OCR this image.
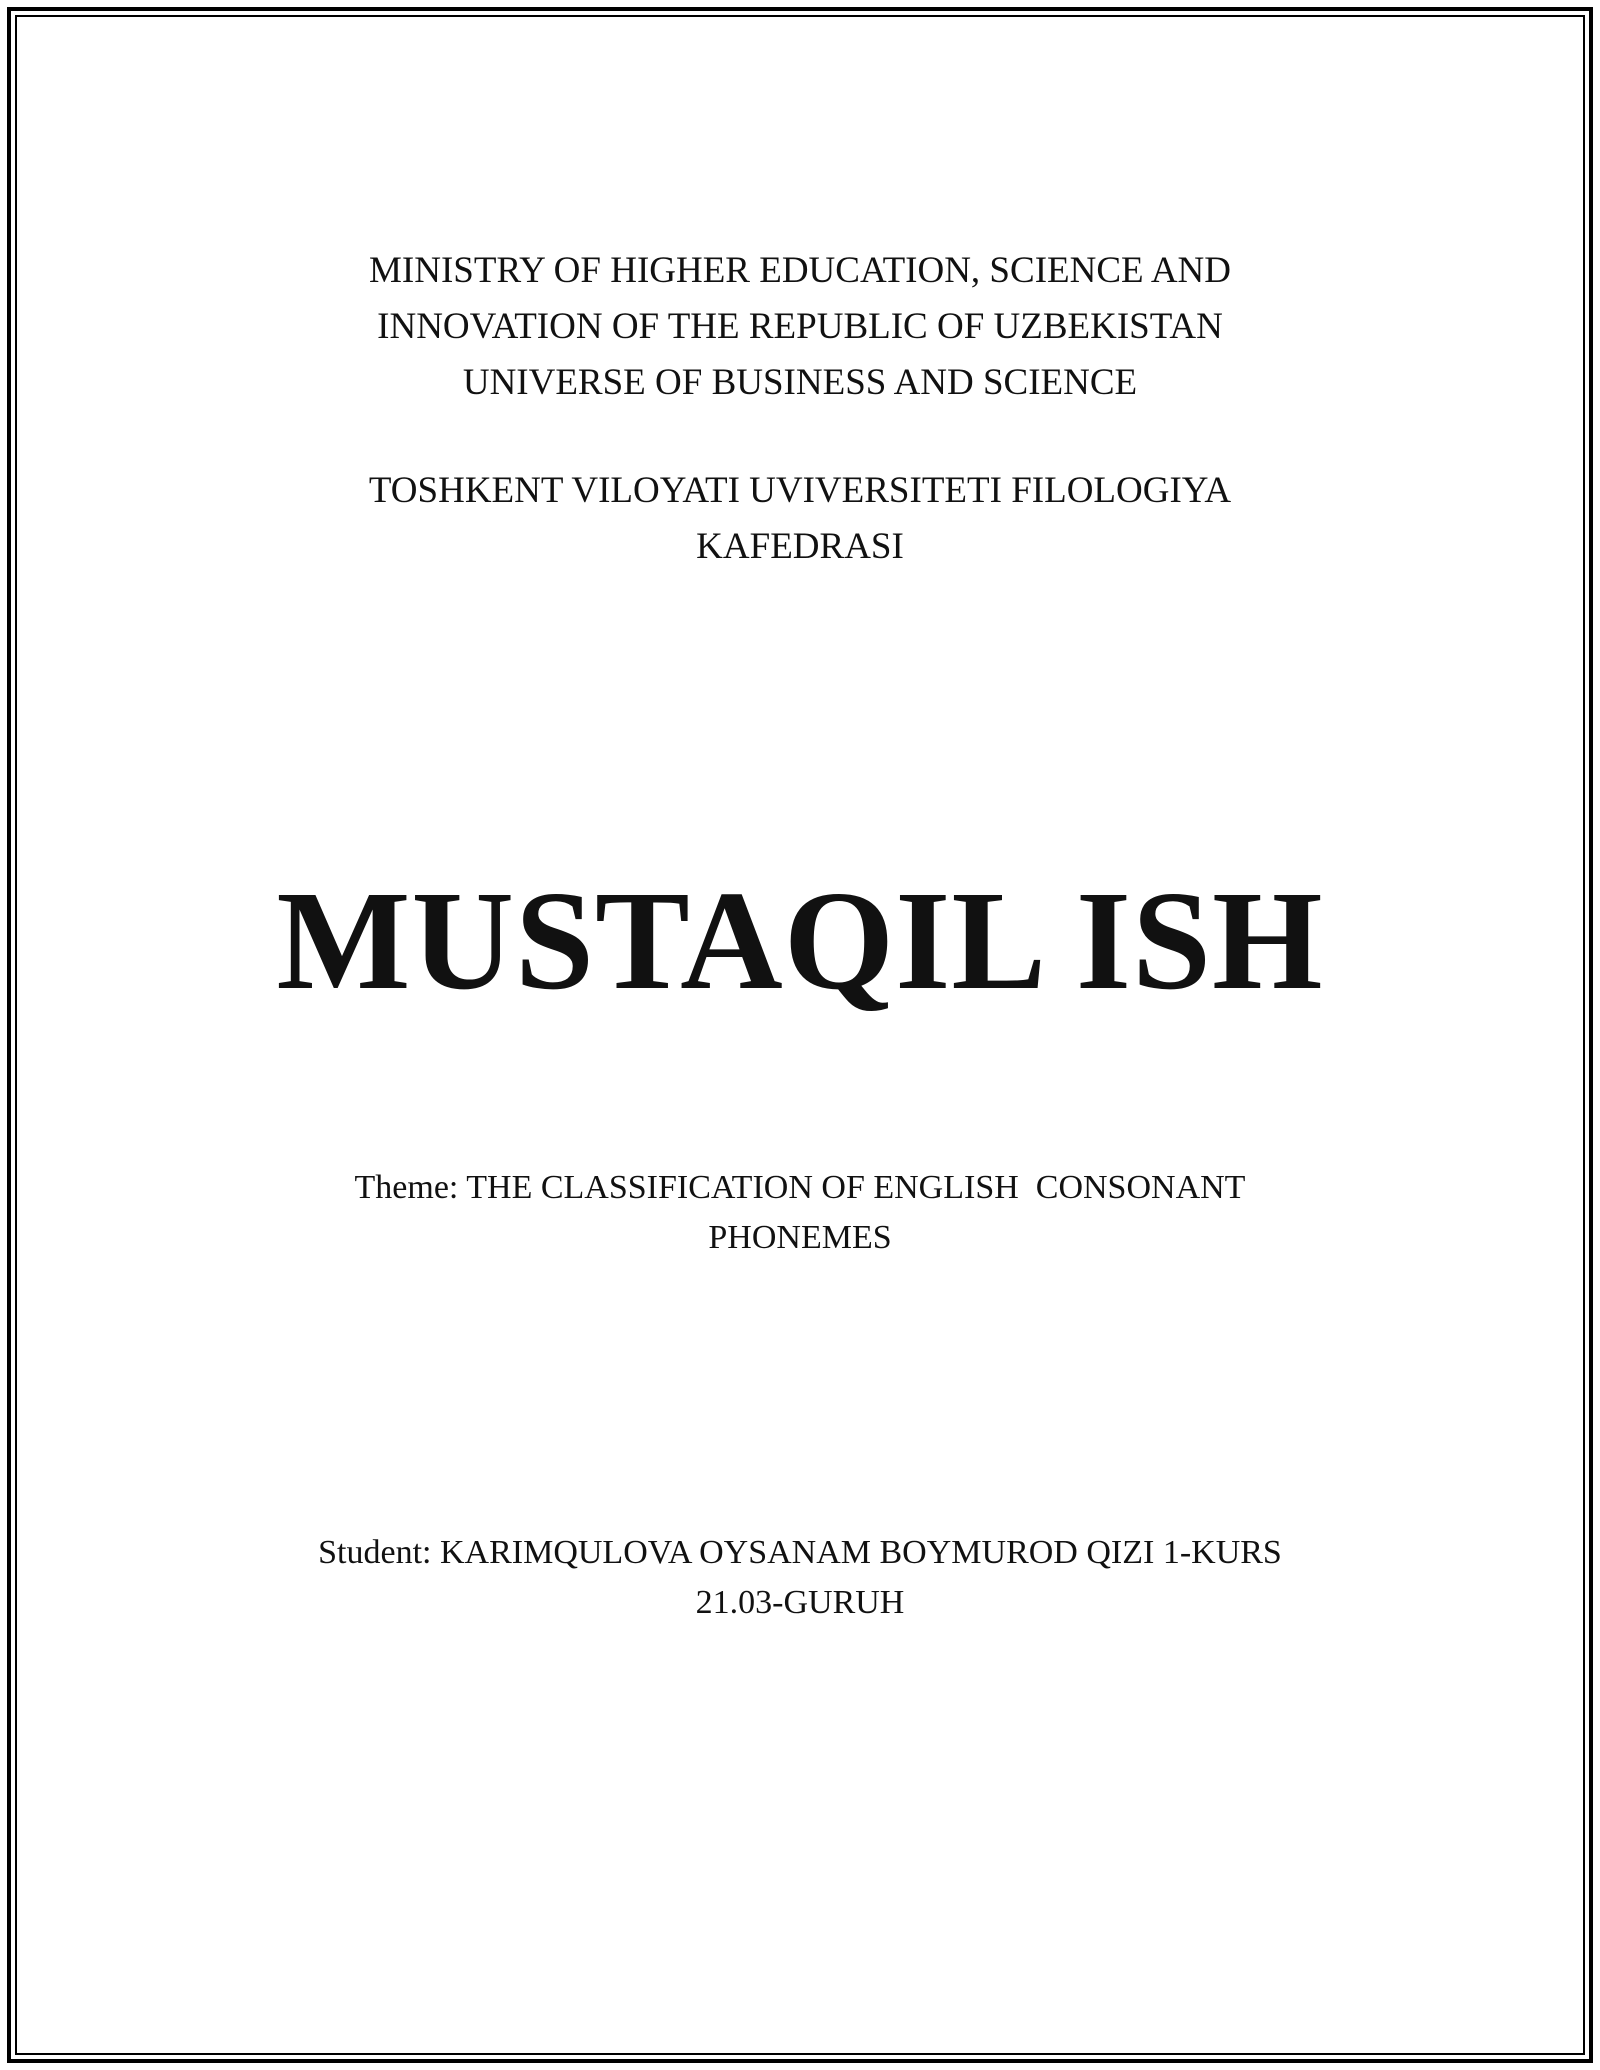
MINISTRY OF HIGHER EDUCATION, SCIENCE AND
INNOVATION OF THE REPUBLIC OF UZBEKISTAN
UNIVERSE OF BUSINESS AND SCIENCE
TOSHKENT VILOYATI UVIVERSITETI FILOLOGIYA
KAFEDRASI
MUSTAQIL ISH
Theme: THE CLASSIFICATION OF ENGLISH  CONSONANT
PHONEMES
Student: KARIMQULOVA OYSANAM BOYMUROD QIZI 1-KURS
21.03-GURUH
